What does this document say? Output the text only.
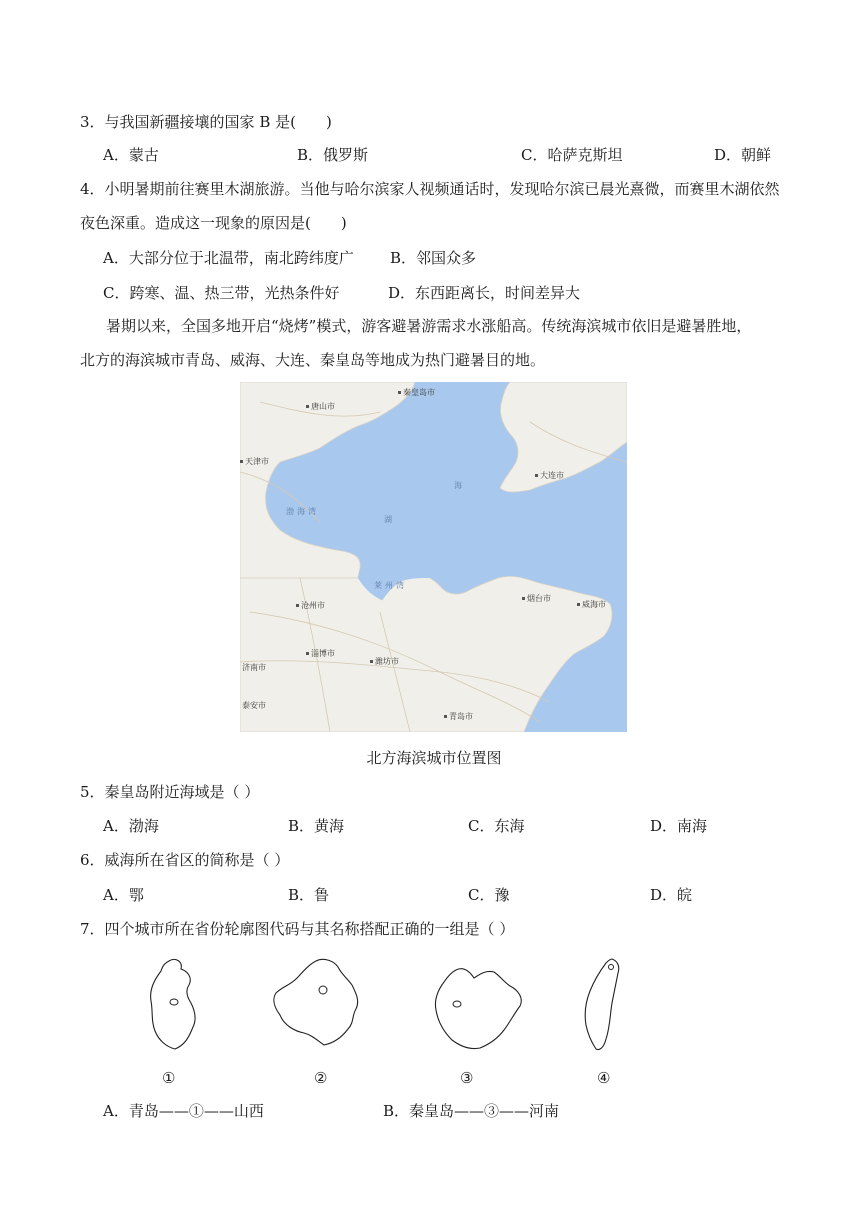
3．与我国新疆接壤的国家 B 是(　　)
A．蒙古	B．俄罗斯	C．哈萨克斯坦	D．朝鲜
4．小明暑期前往赛里木湖旅游。当他与哈尔滨家人视频通话时，发现哈尔滨已晨光熹微，而赛里木湖依然
夜色深重。造成这一现象的原因是(　　)
A．大部分位于北温带，南北跨纬度广 B．邻国众多
C．跨寒、温、热三带，光热条件好	D．东西距离长，时间差异大
暑期以来，全国多地开启“烧烤”模式，游客避暑游需求水涨船高。传统海滨城市依旧是避暑胜地，
北方的海滨城市青岛、威海、大连、秦皇岛等地成为热门避暑目的地。
渤海湾
海
湖
莱州湾
秦皇岛市
唐山市
天津市
大连市
沧州市
烟台市
威海市
淄博市
潍坊市
济南市
泰安市
青岛市
北方海滨城市位置图
5．秦皇岛附近海域是（ ）
A．渤海	B．黄海	C．东海	D．南海
6．威海所在省区的简称是（ ）
A．鄂	B．鲁	C．豫	D．皖
7．四个城市所在省份轮廓图代码与其名称搭配正确的一组是（ ）
①	②	③	④
A．青岛——①——山西	B．秦皇岛——③——河南
